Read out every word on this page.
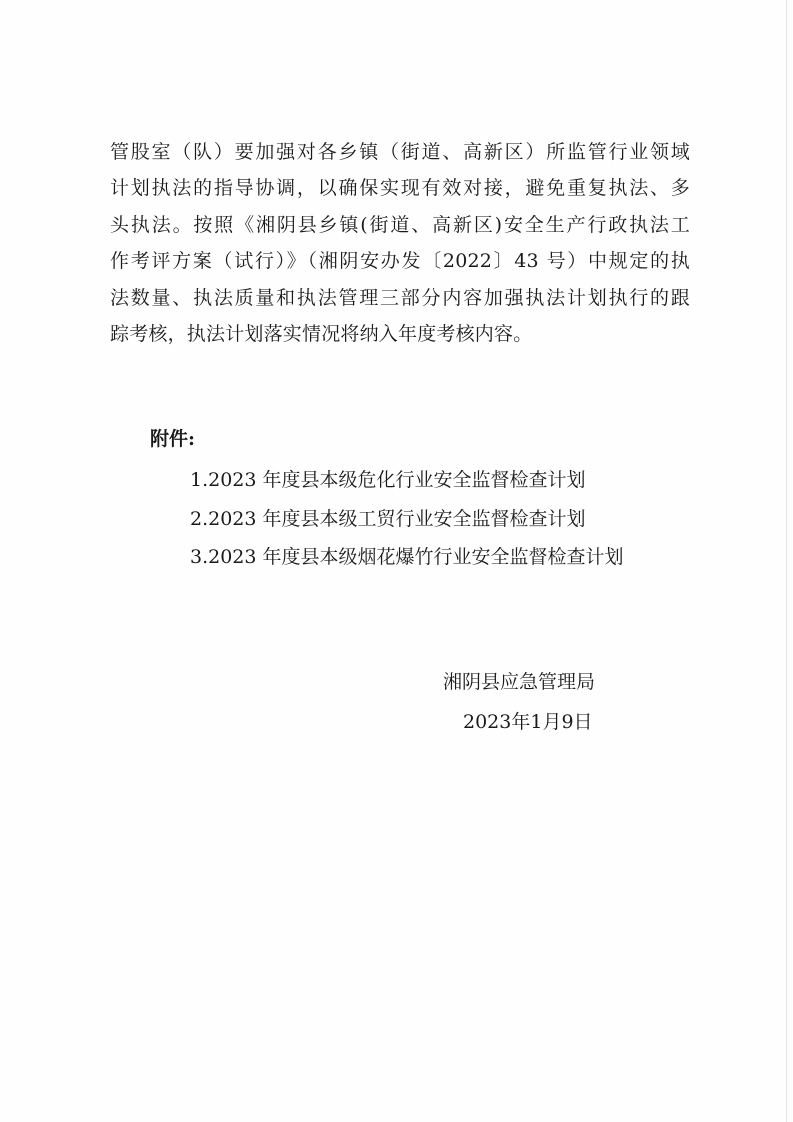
管股室（队）要加强对各乡镇（街道、高新区）所监管行业领域
计划执法的指导协调，以确保实现有效对接，避免重复执法、多
头执法。按照《湘阴县乡镇(街道、高新区)安全生产行政执法工
作考评方案（试行）》（湘阴安办发〔2022〕43 号）中规定的执
法数量、执法质量和执法管理三部分内容加强执法计划执行的跟
踪考核，执法计划落实情况将纳入年度考核内容。
附件:
1.2023 年度县本级危化行业安全监督检查计划
2.2023 年度县本级工贸行业安全监督检查计划
3.2023 年度县本级烟花爆竹行业安全监督检查计划
湘阴县应急管理局
2023年1月9日
